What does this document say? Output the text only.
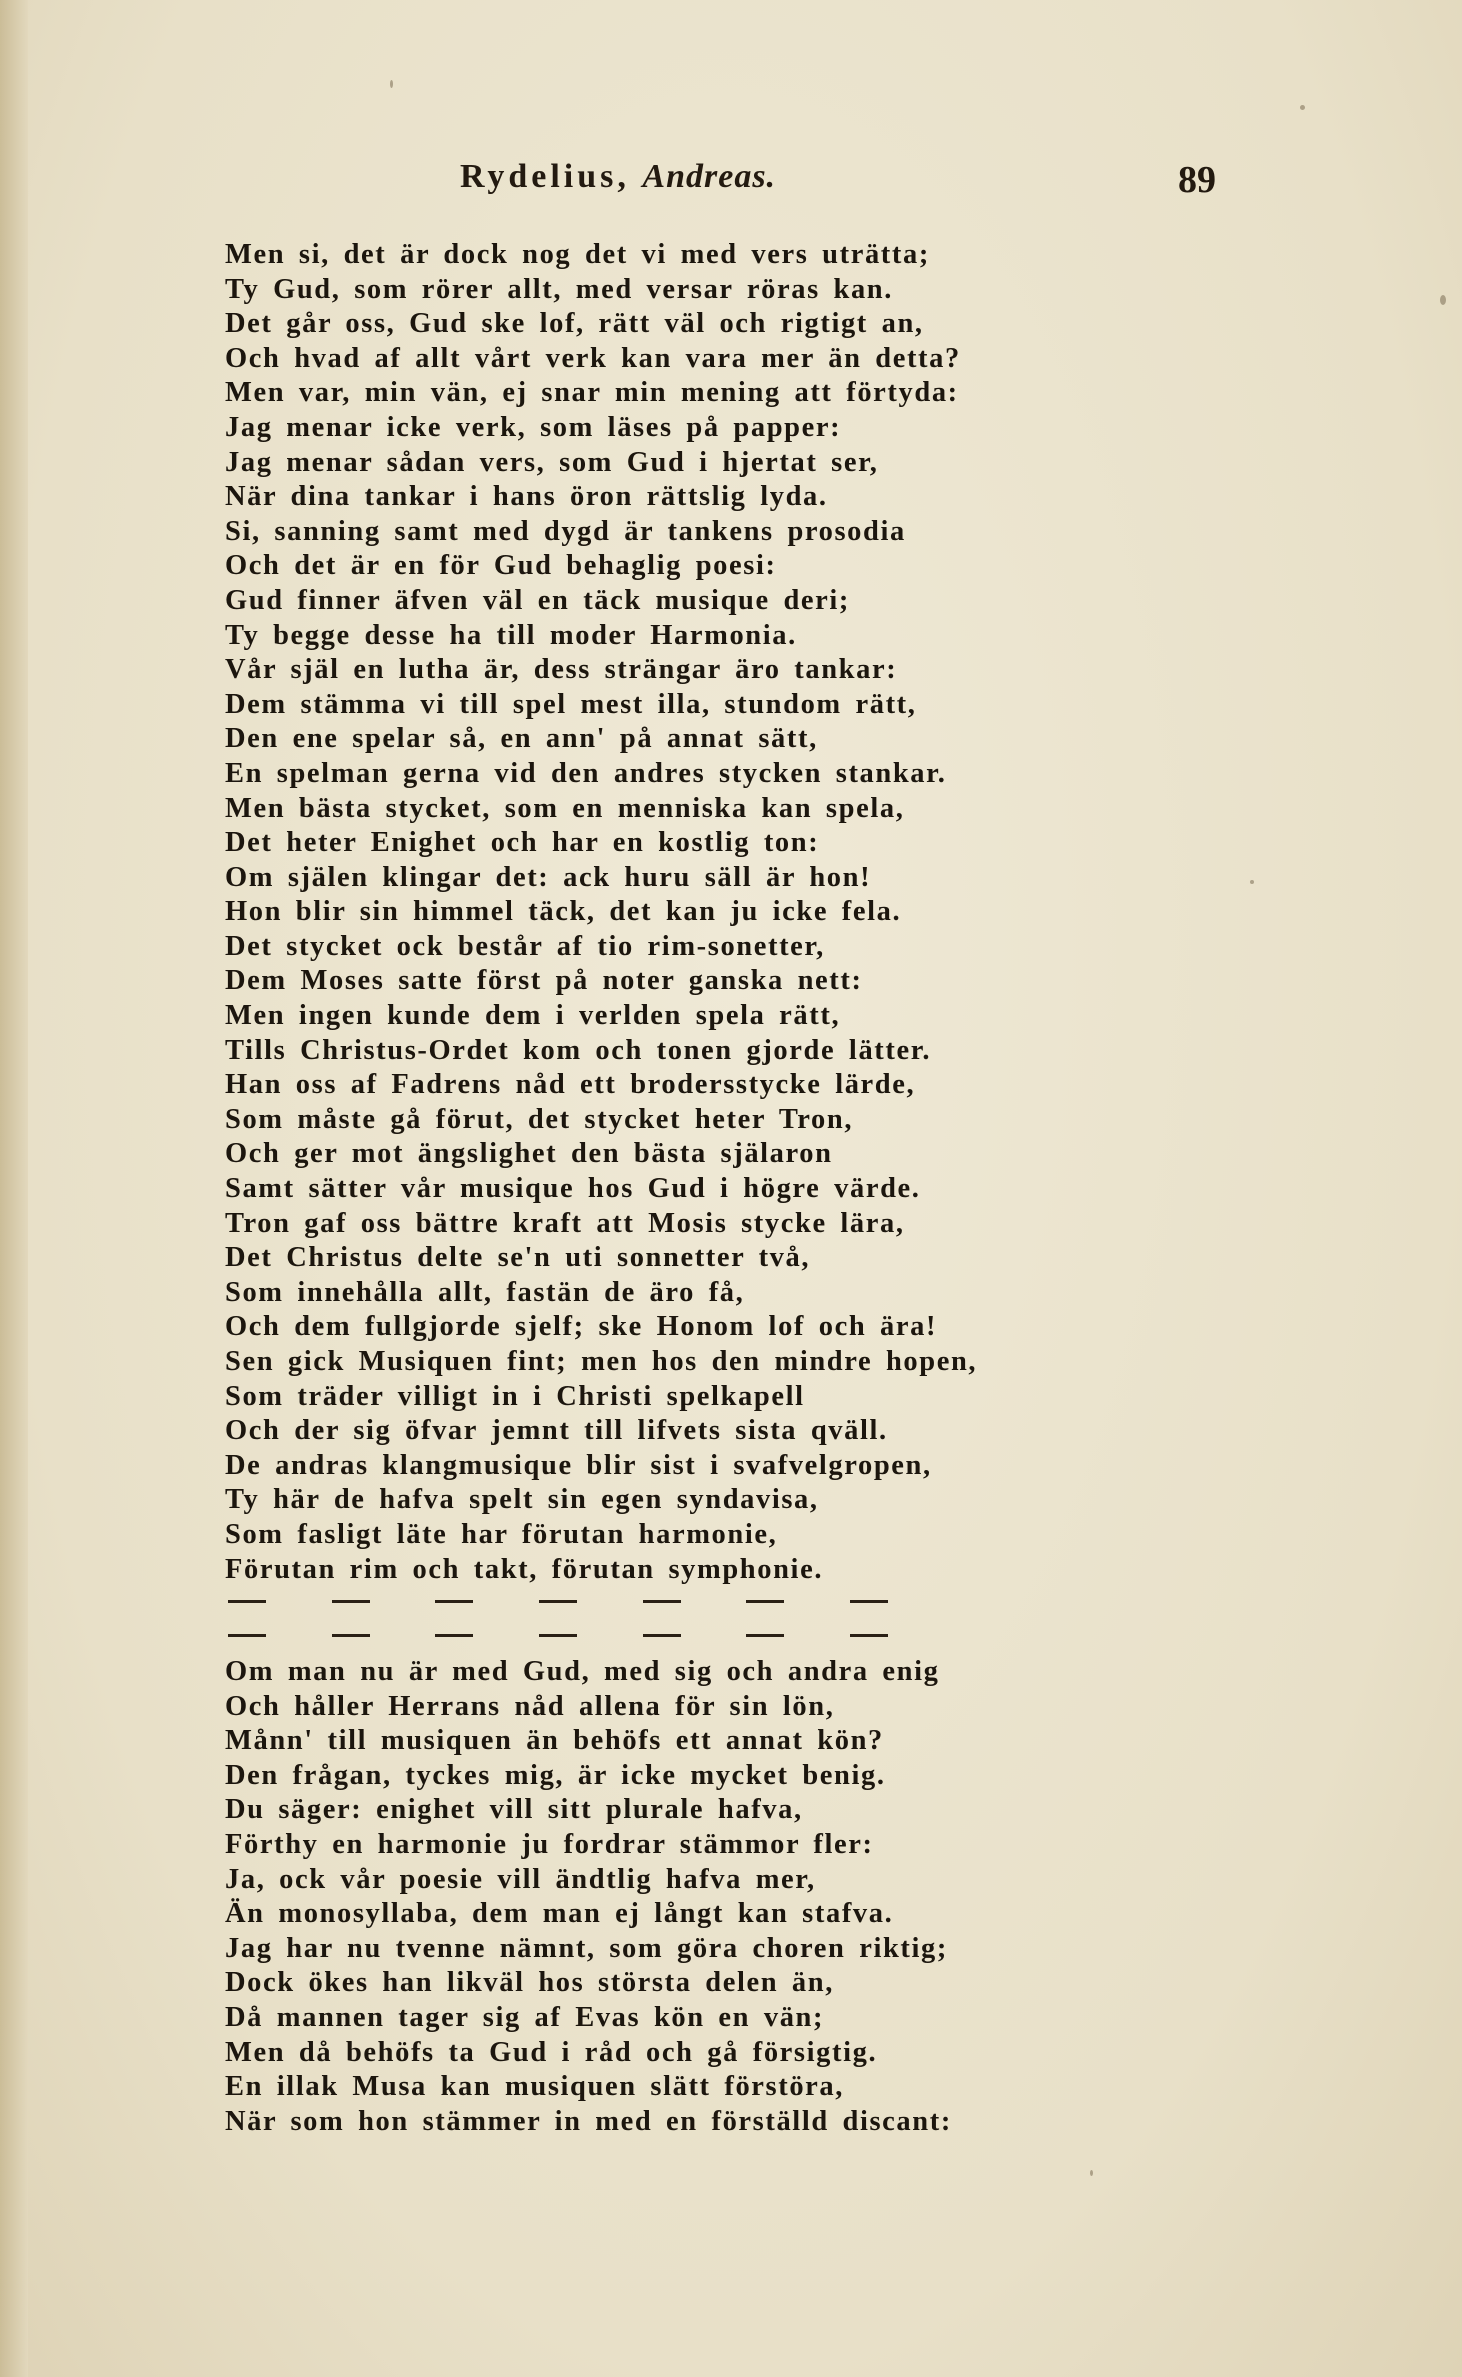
Rydelius, Andreas.	89
Men si, det är dock nog det vi med vers uträtta;
Ty Gud, som rörer allt, med versar röras kan.
Det går oss, Gud ske lof, rätt väl och rigtigt an,
Och hvad af allt vårt verk kan vara mer än detta?
Men var, min vän, ej snar min mening att förtyda:
Jag menar icke verk, som läses på papper:
Jag menar sådan vers, som Gud i hjertat ser,
När dina tankar i hans öron rättslig lyda.
Si, sanning samt med dygd är tankens prosodia
Och det är en för Gud behaglig poesi:
Gud finner äfven väl en täck musique deri;
Ty begge desse ha till moder Harmonia.
Vår själ en lutha är, dess strängar äro tankar:
Dem stämma vi till spel mest illa, stundom rätt,
Den ene spelar så, en ann' på annat sätt,
En spelman gerna vid den andres stycken stankar.
Men bästa stycket, som en menniska kan spela,
Det heter Enighet och har en kostlig ton:
Om själen klingar det: ack huru säll är hon!
Hon blir sin himmel täck, det kan ju icke fela.
Det stycket ock består af tio rim-sonetter,
Dem Moses satte först på noter ganska nett:
Men ingen kunde dem i verlden spela rätt,
Tills Christus-Ordet kom och tonen gjorde lätter.
Han oss af Fadrens nåd ett brodersstycke lärde,
Som måste gå förut, det stycket heter Tron,
Och ger mot ängslighet den bästa själaron
Samt sätter vår musique hos Gud i högre värde.
Tron gaf oss bättre kraft att Mosis stycke lära,
Det Christus delte se'n uti sonnetter två,
Som innehålla allt, fastän de äro få,
Och dem fullgjorde sjelf; ske Honom lof och ära!
Sen gick Musiquen fint; men hos den mindre hopen,
Som träder villigt in i Christi spelkapell
Och der sig öfvar jemnt till lifvets sista qväll.
De andras klangmusique blir sist i svafvelgropen,
Ty här de hafva spelt sin egen syndavisa,
Som fasligt läte har förutan harmonie,
Förutan rim och takt, förutan symphonie.
Om man nu är med Gud, med sig och andra enig
Och håller Herrans nåd allena för sin lön,
Månn' till musiquen än behöfs ett annat kön?
Den frågan, tyckes mig, är icke mycket benig.
Du säger: enighet vill sitt plurale hafva,
Förthy en harmonie ju fordrar stämmor fler:
Ja, ock vår poesie vill ändtlig hafva mer,
Än monosyllaba, dem man ej långt kan stafva.
Jag har nu tvenne nämnt, som göra choren riktig;
Dock ökes han likväl hos största delen än,
Då mannen tager sig af Evas kön en vän;
Men då behöfs ta Gud i råd och gå försigtig.
En illak Musa kan musiquen slätt förstöra,
När som hon stämmer in med en förställd discant:
